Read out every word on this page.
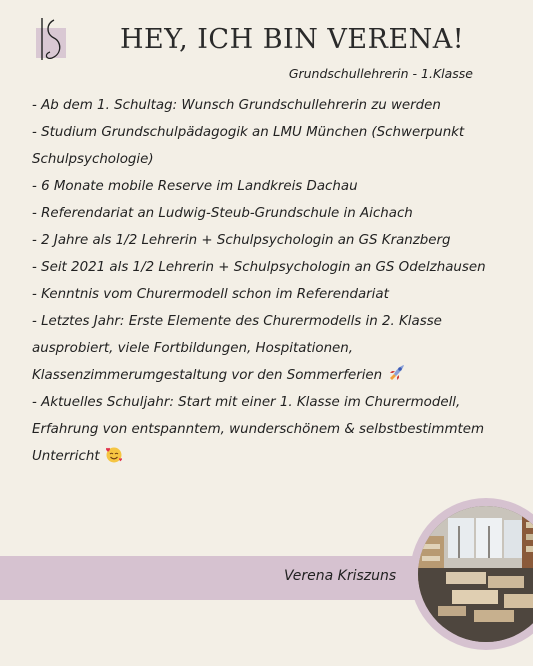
HEY, ICH BIN VERENA!
Grundschullehrerin - 1.Klasse
- Ab dem 1. Schultag: Wunsch Grundschullehrerin zu werden
- Studium Grundschulpädagogik an LMU München (Schwerpunkt
Schulpsychologie)
- 6 Monate mobile Reserve im Landkreis Dachau
- Referendariat an Ludwig-Steub-Grundschule in Aichach
- 2 Jahre als 1/2 Lehrerin + Schulpsychologin an GS Kranzberg
- Seit 2021 als 1/2 Lehrerin + Schulpsychologin an GS Odelzhausen
- Kenntnis vom Churermodell schon im Referendariat
- Letztes Jahr: Erste Elemente des Churermodells in 2. Klasse
ausprobiert, viele Fortbildungen, Hospitationen,
Klassenzimmerumgestaltung vor den Sommerferien
- Aktuelles Schuljahr: Start mit einer 1. Klasse im Churermodell,
Erfahrung von entspanntem, wunderschönem & selbstbestimmtem
Unterricht
Verena Kriszuns
